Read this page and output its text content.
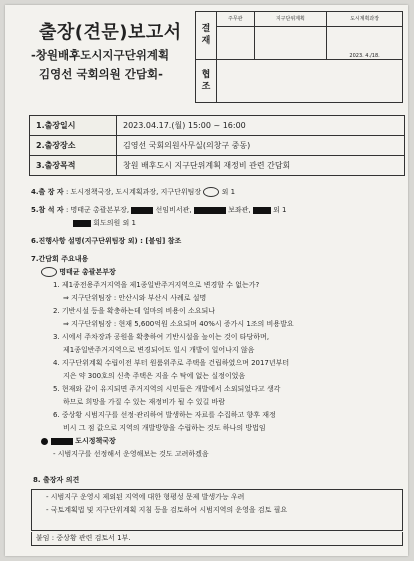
출장(견문)보고서
-창원배후도시지구단위계획
김영선 국회의원 간담회-
결
재	주무관	지구단위계획	도시계획과장
			2023. 4./18.
협
조			
1.출장일시	2023.04.17.(월) 15:00 ~ 16:00
2.출장장소	김영선 국회의원사무실(의창구 중동)
3.출장목적	창원 배후도시 지구단위계획 재정비 관련 간담회
4.출 장 자 : 도시정책국장, 도시계획과장, 지구단위팀장	외 1
5.참 석 자 : 명태군 총괄본부장,	선임비서관,	보좌관,	외 1
회도의원 외 1
6.진행사항 설명(지구단위팀장 외) : [붙임] 참조
7.간담회 주요내용
명태균 총괄본부장
1. 제1종전용주거지역을 제1종일반주거지역으로 변경할 수 없는가?
⇒ 지구단위팀장 : 안산시와 부산시 사례로 설명
2. 기반시설 등을 확충하는데 얼마의 비용이 소요되나
⇒ 지구단위팀장 : 현재 5,600억원 소요되며 40%시 증가시 1조의 비용발요
3. 시에서 주차장과 공원을 확충하여 기반시설을 높이는 것이 타당하며,
제1종일반주거지역으로 변경되어도 일시 개발이 일어나지 않음
4. 지구단위계획 수립이전 부터 원룸위주로 주택을 건립하였으며 2017년부터
지은 약 300호의 신축 주택은 지을 수 탁에 없는 실정이었음
5. 현재와 같이 유지되면 주거지역의 시민들은 개발에서 소외되었다고 생각
하므로 희망을 가질 수 있는 재정비가 될 수 있길 바람
6. 중상황 시범지구를 선정·관리하여 발생하는 자료를 수집하고 향후 재정
비시 그 점 값으로 지역의 개발방향을 수립하는 것도 하나의 방법임
도시정책국장
- 시범지구를 선정해서 운영해보는 것도 고려하겠음
8. 출장자 의견
- 시범지구 운영시 제외된 지역에 대한 형평성 문제 발생가능 우려
- 국토계획법 및 지구단위계획 지침 등을 검토하여 시범지역의 운영을 검토 필요
붙임 : 중상황 관련 검토서 1부.
